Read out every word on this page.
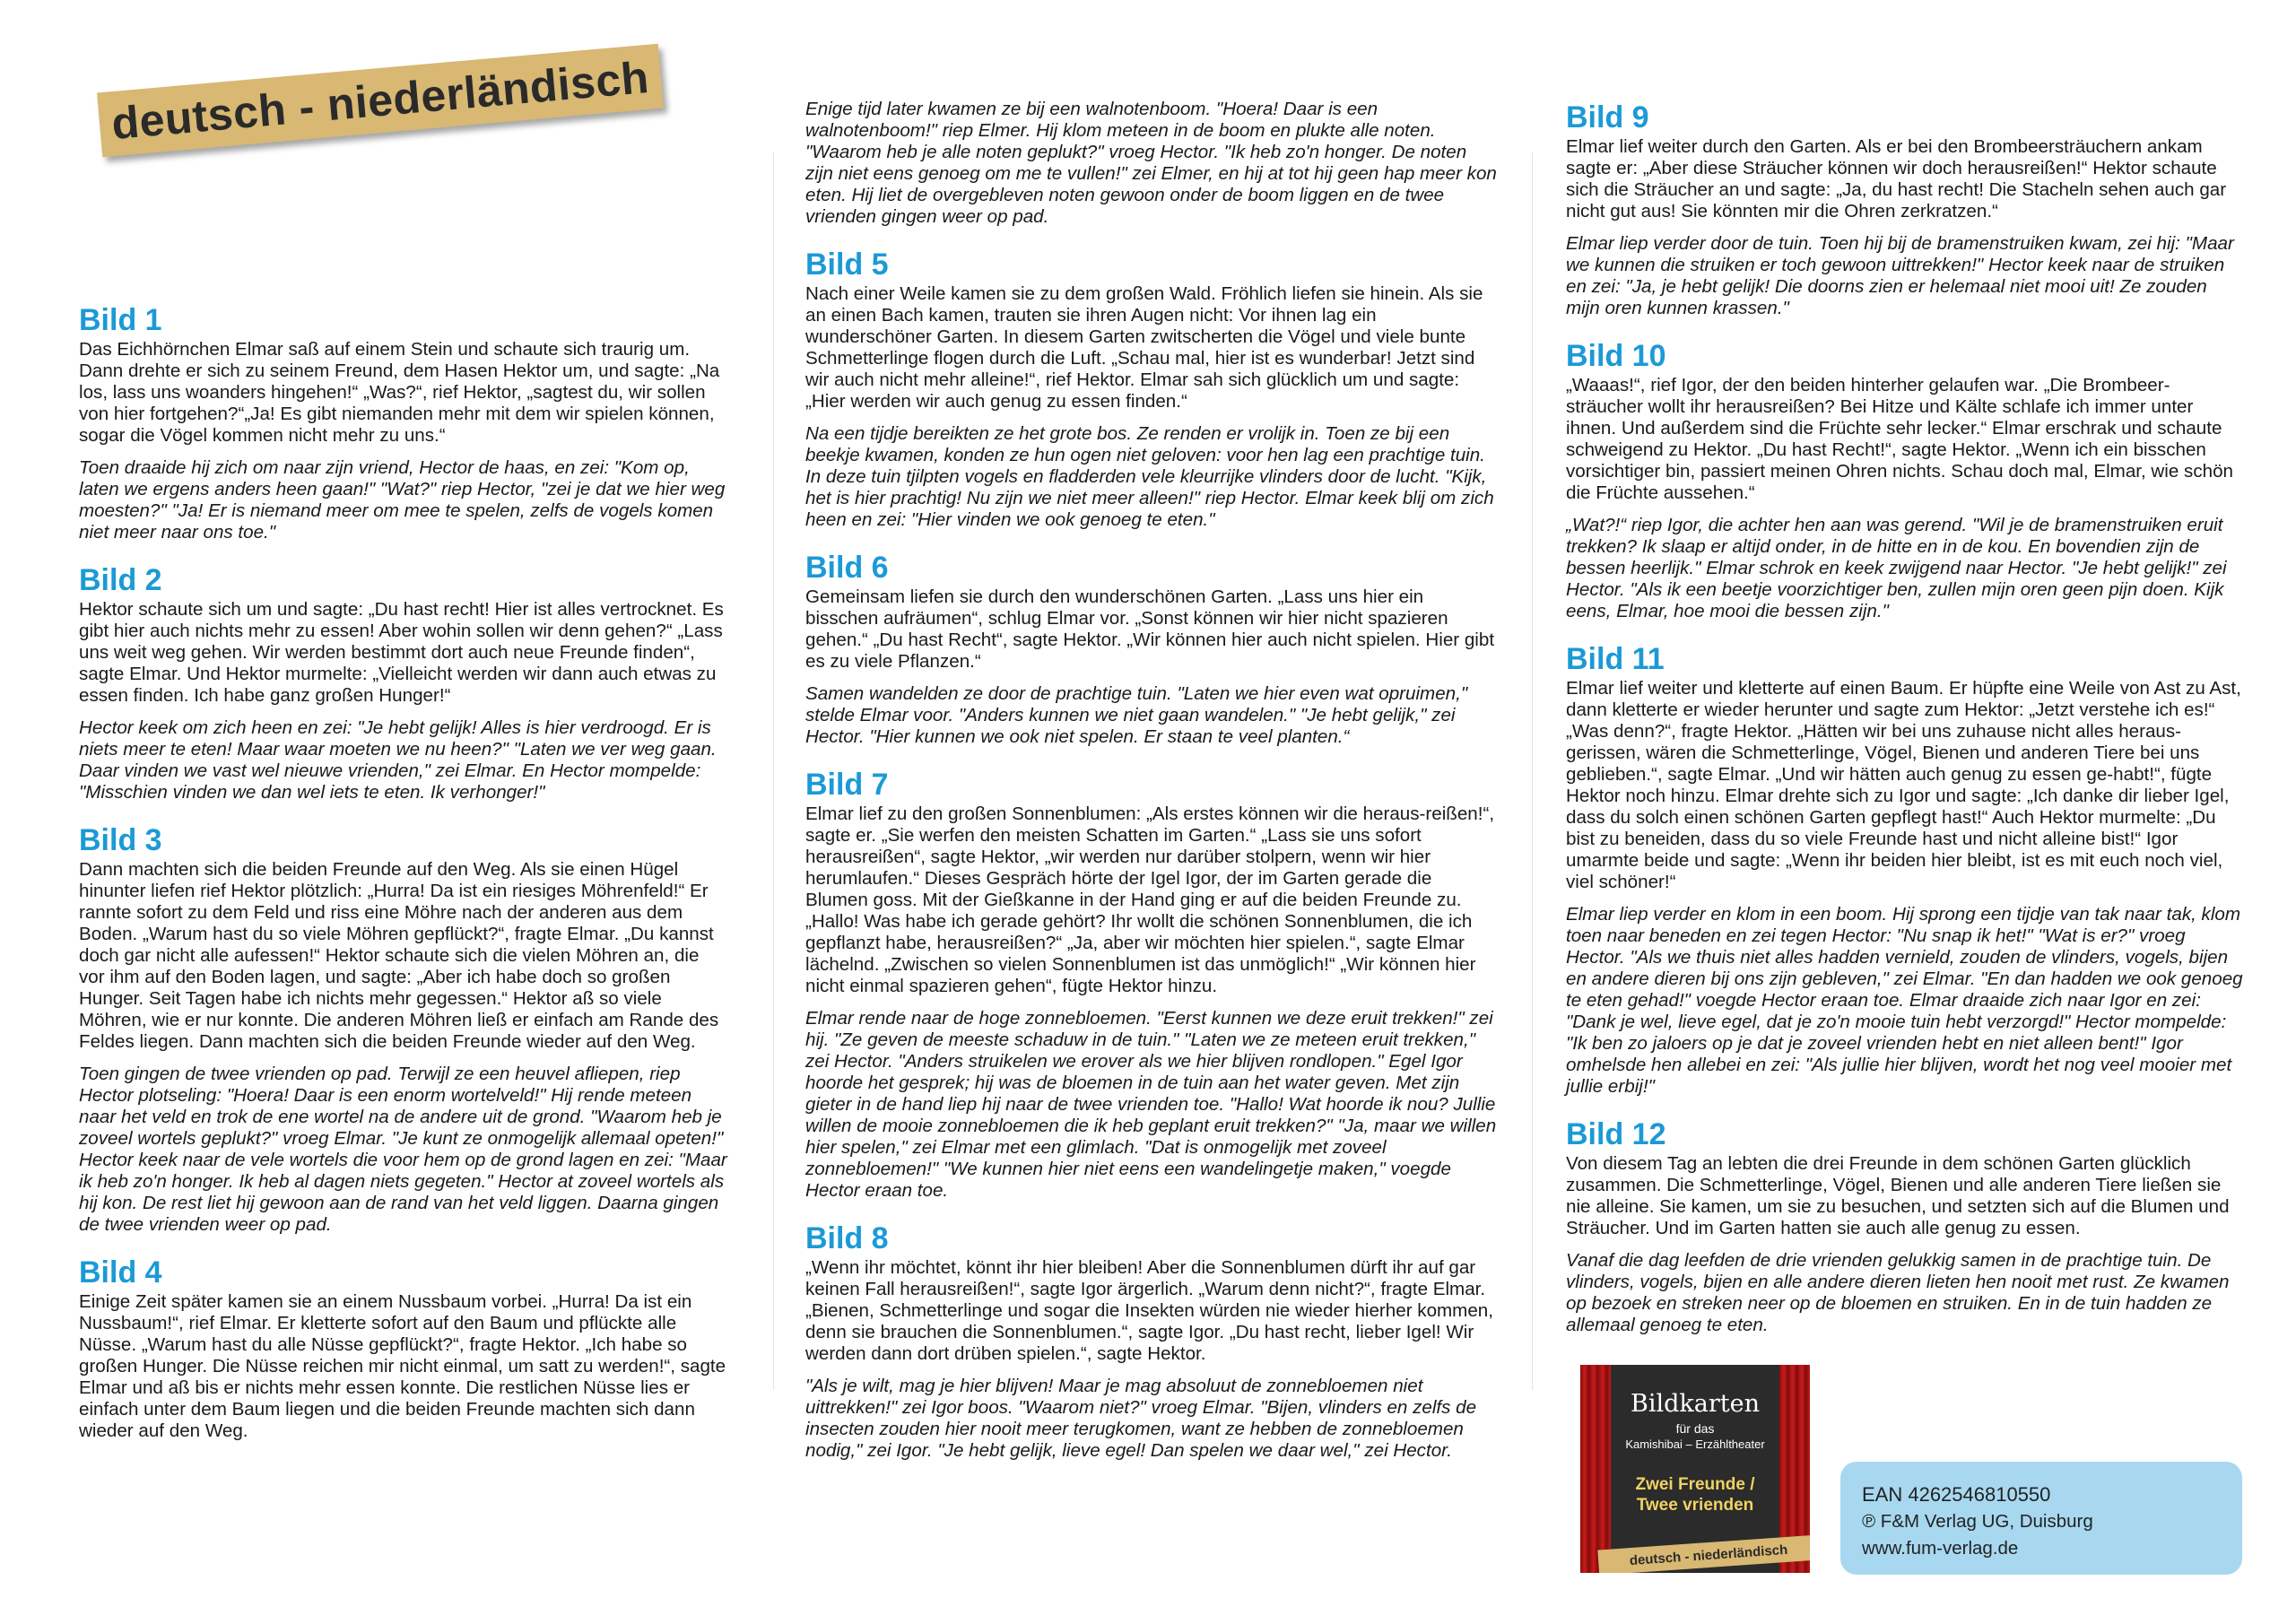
deutsch - niederländisch
Bild 1

Das Eichhörnchen Elmar saß auf einem Stein und schaute sich traurig um. Dann drehte er sich zu seinem Freund, dem Hasen Hektor um, und sagte: „Na los, lass uns woanders hingehen!“ „Was?“, rief Hektor, „sagtest du, wir sollen von hier fortgehen?“„Ja! Es gibt niemanden mehr mit dem wir spielen können, sogar die Vögel kommen nicht mehr zu uns.“

Toen draaide hij zich om naar zijn vriend, Hector de haas, en zei: "Kom op, laten we ergens anders heen gaan!" "Wat?" riep Hector, "zei je dat we hier weg moesten?" "Ja! Er is niemand meer om mee te spelen, zelfs de vogels komen niet meer naar ons toe."

Bild 2

Hektor schaute sich um und sagte: „Du hast recht! Hier ist alles vertrocknet. Es gibt hier auch nichts mehr zu essen! Aber wohin sollen wir denn gehen?“ „Lass uns weit weg gehen. Wir werden bestimmt dort auch neue Freunde finden“, sagte Elmar. Und Hektor murmelte: „Vielleicht werden wir dann auch etwas zu essen finden. Ich habe ganz großen Hunger!“

Hector keek om zich heen en zei: "Je hebt gelijk! Alles is hier verdroogd. Er is niets meer te eten! Maar waar moeten we nu heen?" "Laten we ver weg gaan. Daar vinden we vast wel nieuwe vrienden," zei Elmar. En Hector mompelde: "Misschien vinden we dan wel iets te eten. Ik verhonger!"

Bild 3

Dann machten sich die beiden Freunde auf den Weg. Als sie einen Hügel hinunter liefen rief Hektor plötzlich: „Hurra! Da ist ein riesiges Möhrenfeld!“ Er rannte sofort zu dem Feld und riss eine Möhre nach der anderen aus dem Boden. „Warum hast du so viele Möhren gepflückt?“, fragte Elmar. „Du kannst doch gar nicht alle aufessen!“ Hektor schaute sich die vielen Möhren an, die vor ihm auf den Boden lagen, und sagte: „Aber ich habe doch so großen Hunger. Seit Tagen habe ich nichts mehr gegessen.“ Hektor aß so viele Möhren, wie er nur konnte. Die anderen Möhren ließ er einfach am Rande des Feldes liegen. Dann machten sich die beiden Freunde wieder auf den Weg.

Toen gingen de twee vrienden op pad. Terwijl ze een heuvel afliepen, riep Hector plotseling: "Hoera! Daar is een enorm wortelveld!" Hij rende meteen naar het veld en trok de ene wortel na de andere uit de grond. "Waarom heb je zoveel wortels geplukt?" vroeg Elmar. "Je kunt ze onmogelijk allemaal opeten!" Hector keek naar de vele wortels die voor hem op de grond lagen en zei: "Maar ik heb zo'n honger. Ik heb al dagen niets gegeten." Hector at zoveel wortels als hij kon. De rest liet hij gewoon aan de rand van het veld liggen. Daarna gingen de twee vrienden weer op pad.

Bild 4

Einige Zeit später kamen sie an einem Nussbaum vorbei. „Hurra! Da ist ein Nussbaum!“, rief Elmar. Er kletterte sofort auf den Baum und pflückte alle Nüsse. „Warum hast du alle Nüsse gepflückt?“, fragte Hektor. „Ich habe so großen Hunger. Die Nüsse reichen mir nicht einmal, um satt zu werden!“, sagte Elmar und aß bis er nichts mehr essen konnte. Die restlichen Nüsse lies er einfach unter dem Baum liegen und die beiden Freunde machten sich dann wieder auf den Weg.

Enige tijd later kwamen ze bij een walnotenboom. "Hoera! Daar is een walnotenboom!" riep Elmer. Hij klom meteen in de boom en plukte alle noten. "Waarom heb je alle noten geplukt?" vroeg Hector. "Ik heb zo'n honger. De noten zijn niet eens genoeg om me te vullen!" zei Elmer, en hij at tot hij geen hap meer kon eten. Hij liet de overgebleven noten gewoon onder de boom liggen en de twee vrienden gingen weer op pad.

Bild 5

Nach einer Weile kamen sie zu dem großen Wald. Fröhlich liefen sie hinein. Als sie an einen Bach kamen, trauten sie ihren Augen nicht: Vor ihnen lag ein wunderschöner Garten. In diesem Garten zwitscherten die Vögel und viele bunte Schmetterlinge flogen durch die Luft. „Schau mal, hier ist es wunderbar! Jetzt sind wir auch nicht mehr alleine!“, rief Hektor. Elmar sah sich glücklich um und sagte: „Hier werden wir auch genug zu essen finden.“

Na een tijdje bereikten ze het grote bos. Ze renden er vrolijk in. Toen ze bij een beekje kwamen, konden ze hun ogen niet geloven: voor hen lag een prachtige tuin. In deze tuin tjilpten vogels en fladderden vele kleurrijke vlinders door de lucht. "Kijk, het is hier prachtig! Nu zijn we niet meer alleen!" riep Hector. Elmar keek blij om zich heen en zei: "Hier vinden we ook genoeg te eten."

Bild 6

Gemeinsam liefen sie durch den wunderschönen Garten. „Lass uns hier ein bisschen aufräumen“, schlug Elmar vor. „Sonst können wir hier nicht spazieren gehen.“ „Du hast Recht“, sagte Hektor. „Wir können hier auch nicht spielen. Hier gibt es zu viele Pflanzen.“

Samen wandelden ze door de prachtige tuin. "Laten we hier even wat opruimen," stelde Elmar voor. "Anders kunnen we niet gaan wandelen." "Je hebt gelijk," zei Hector. "Hier kunnen we ook niet spelen. Er staan te veel planten.“

Bild 7

Elmar lief zu den großen Sonnenblumen: „Als erstes können wir die heraus-reißen!“, sagte er. „Sie werfen den meisten Schatten im Garten.“ „Lass sie uns sofort herausreißen“, sagte Hektor, „wir werden nur darüber stolpern, wenn wir hier herumlaufen.“ Dieses Gespräch hörte der Igel Igor, der im Garten gerade die Blumen goss. Mit der Gießkanne in der Hand ging er auf die beiden Freunde zu. „Hallo! Was habe ich gerade gehört? Ihr wollt die schönen Sonnenblumen, die ich gepflanzt habe, herausreißen?“ „Ja, aber wir möchten hier spielen.“, sagte Elmar lächelnd. „Zwischen so vielen Sonnenblumen ist das unmöglich!“ „Wir können hier nicht einmal spazieren gehen“, fügte Hektor hinzu.

Elmar rende naar de hoge zonnebloemen. "Eerst kunnen we deze eruit trekken!" zei hij. "Ze geven de meeste schaduw in de tuin." "Laten we ze meteen eruit trekken," zei Hector. "Anders struikelen we erover als we hier blijven rondlopen." Egel Igor hoorde het gesprek; hij was de bloemen in de tuin aan het water geven. Met zijn gieter in de hand liep hij naar de twee vrienden toe. "Hallo! Wat hoorde ik nou? Jullie willen de mooie zonnebloemen die ik heb geplant eruit trekken?" "Ja, maar we willen hier spelen," zei Elmar met een glimlach. "Dat is onmogelijk met zoveel zonnebloemen!" "We kunnen hier niet eens een wandelingetje maken," voegde Hector eraan toe.

Bild 8

„Wenn ihr möchtet, könnt ihr hier bleiben! Aber die Sonnenblumen dürft ihr auf gar keinen Fall herausreißen!“, sagte Igor ärgerlich. „Warum denn nicht?“, fragte Elmar. „Bienen, Schmetterlinge und sogar die Insekten würden nie wieder hierher kommen, denn sie brauchen die Sonnenblumen.“, sagte Igor. „Du hast recht, lieber Igel! Wir werden dann dort drüben spielen.“, sagte Hektor.

"Als je wilt, mag je hier blijven! Maar je mag absoluut de zonnebloemen niet uittrekken!" zei Igor boos. "Waarom niet?" vroeg Elmar. "Bijen, vlinders en zelfs de insecten zouden hier nooit meer terugkomen, want ze hebben de zonnebloemen nodig," zei Igor. "Je hebt gelijk, lieve egel! Dan spelen we daar wel," zei Hector.

Bild 9

Elmar lief weiter durch den Garten. Als er bei den Brombeersträuchern ankam sagte er: „Aber diese Sträucher können wir doch herausreißen!“ Hektor schaute sich die Sträucher an und sagte: „Ja, du hast recht! Die Stacheln sehen auch gar nicht gut aus! Sie könnten mir die Ohren zerkratzen.“

Elmar liep verder door de tuin. Toen hij bij de bramenstruiken kwam, zei hij: "Maar we kunnen die struiken er toch gewoon uittrekken!" Hector keek naar de struiken en zei: "Ja, je hebt gelijk! Die doorns zien er helemaal niet mooi uit! Ze zouden mijn oren kunnen krassen."

Bild 10

„Waaas!“, rief Igor, der den beiden hinterher gelaufen war. „Die Brombeer-sträucher wollt ihr herausreißen? Bei Hitze und Kälte schlafe ich immer unter ihnen. Und außerdem sind die Früchte sehr lecker.“ Elmar erschrak und schaute schweigend zu Hektor. „Du hast Recht!“, sagte Hektor. „Wenn ich ein bisschen vorsichtiger bin, passiert meinen Ohren nichts. Schau doch mal, Elmar, wie schön die Früchte aussehen.“

„Wat?!“ riep Igor, die achter hen aan was gerend. "Wil je de bramenstruiken eruit trekken? Ik slaap er altijd onder, in de hitte en in de kou. En bovendien zijn de bessen heerlijk." Elmar schrok en keek zwijgend naar Hector. "Je hebt gelijk!" zei Hector. "Als ik een beetje voorzichtiger ben, zullen mijn oren geen pijn doen. Kijk eens, Elmar, hoe mooi die bessen zijn."

Bild 11

Elmar lief weiter und kletterte auf einen Baum. Er hüpfte eine Weile von Ast zu Ast, dann kletterte er wieder herunter und sagte zum Hektor: „Jetzt verstehe ich es!“ „Was denn?“, fragte Hektor. „Hätten wir bei uns zuhause nicht alles heraus-gerissen, wären die Schmetterlinge, Vögel, Bienen und anderen Tiere bei uns geblieben.“, sagte Elmar. „Und wir hätten auch genug zu essen ge-habt!“, fügte Hektor noch hinzu. Elmar drehte sich zu Igor und sagte: „Ich danke dir lieber Igel, dass du solch einen schönen Garten gepflegt hast!“ Auch Hektor murmelte: „Du bist zu beneiden, dass du so viele Freunde hast und nicht alleine bist!“ Igor umarmte beide und sagte: „Wenn ihr beiden hier bleibt, ist es mit euch noch viel, viel schöner!“

Elmar liep verder en klom in een boom. Hij sprong een tijdje van tak naar tak, klom toen naar beneden en zei tegen Hector: "Nu snap ik het!" "Wat is er?" vroeg Hector. "Als we thuis niet alles hadden vernield, zouden de vlinders, vogels, bijen en andere dieren bij ons zijn gebleven," zei Elmar. "En dan hadden we ook genoeg te eten gehad!" voegde Hector eraan toe. Elmar draaide zich naar Igor en zei: "Dank je wel, lieve egel, dat je zo'n mooie tuin hebt verzorgd!" Hector mompelde: "Ik ben zo jaloers op je dat je zoveel vrienden hebt en niet alleen bent!" Igor omhelsde hen allebei en zei: "Als jullie hier blijven, wordt het nog veel mooier met jullie erbij!"

Bild 12

Von diesem Tag an lebten die drei Freunde in dem schönen Garten glücklich zusammen. Die Schmetterlinge, Vögel, Bienen und alle anderen Tiere ließen sie nie alleine. Sie kamen, um sie zu besuchen, und setzten sich auf die Blumen und Sträucher. Und im Garten hatten sie auch alle genug zu essen.

Vanaf die dag leefden de drie vrienden gelukkig samen in de prachtige tuin. De vlinders, vogels, bijen en alle andere dieren lieten hen nooit met rust. Ze kwamen op bezoek en streken neer op de bloemen en struiken. En in de tuin hadden ze allemaal genoeg te eten.

Bildkarten
für das
Kamishibai – Erzähltheater
Zwei Freunde /
Twee vrienden
deutsch - niederländisch
EAN 4262546810550
℗ F&M Verlag UG, Duisburg
www.fum-verlag.de
